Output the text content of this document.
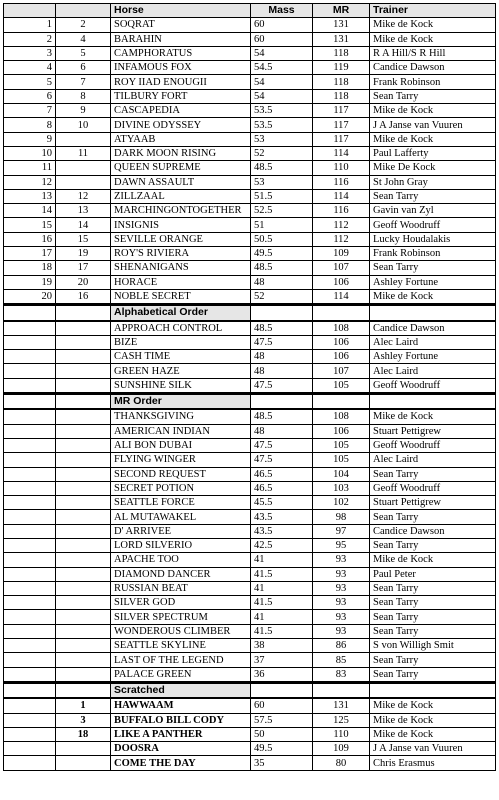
		Horse	Mass	MR	Trainer
1	2	SOQRAT	60	131	Mike de Kock
2	4	BARAHIN	60	131	Mike de Kock
3	5	CAMPHORATUS	54	118	R A Hill/S R Hill
4	6	INFAMOUS FOX	54.5	119	Candice Dawson
5	7	ROY IIAD ENOUGII	54	118	Frank Robinson
6	8	TILBURY FORT	54	118	Sean Tarry
7	9	CASCAPEDIA	53.5	117	Mike de Kock
8	10	DIVINE ODYSSEY	53.5	117	J A Janse van Vuuren
9		ATYAAB	53	117	Mike de Kock
10	11	DARK MOON RISING	52	114	Paul Lafferty
11		QUEEN SUPREME	48.5	110	Mike De Kock
12		DAWN ASSAULT	53	116	St John Gray
13	12	ZILLZAAL	51.5	114	Sean Tarry
14	13	MARCHINGONTOGETHER	52.5	116	Gavin van Zyl
15	14	INSIGNIS	51	112	Geoff Woodruff
16	15	SEVILLE ORANGE	50.5	112	Lucky Houdalakis
17	19	ROY'S RIVIERA	49.5	109	Frank Robinson
18	17	SHENANIGANS	48.5	107	Sean Tarry
19	20	HORACE	48	106	Ashley Fortune
20	16	NOBLE SECRET	52	114	Mike de Kock
		Alphabetical Order			
		APPROACH CONTROL	48.5	108	Candice Dawson
		BIZE	47.5	106	Alec Laird
		CASH TIME	48	106	Ashley Fortune
		GREEN HAZE	48	107	Alec Laird
		SUNSHINE SILK	47.5	105	Geoff Woodruff
		MR Order			
		THANKSGIVING	48.5	108	Mike de Kock
		AMERICAN INDIAN	48	106	Stuart Pettigrew
		ALI BON DUBAI	47.5	105	Geoff Woodruff
		FLYING WINGER	47.5	105	Alec Laird
		SECOND REQUEST	46.5	104	Sean Tarry
		SECRET POTION	46.5	103	Geoff Woodruff
		SEATTLE FORCE	45.5	102	Stuart Pettigrew
		AL MUTAWAKEL	43.5	98	Sean Tarry
		D' ARRIVEE	43.5	97	Candice Dawson
		LORD SILVERIO	42.5	95	Sean Tarry
		APACHE TOO	41	93	Mike de Kock
		DIAMOND DANCER	41.5	93	Paul Peter
		RUSSIAN BEAT	41	93	Sean Tarry
		SILVER GOD	41.5	93	Sean Tarry
		SILVER SPECTRUM	41	93	Sean Tarry
		WONDEROUS CLIMBER	41.5	93	Sean Tarry
		SEATTLE SKYLINE	38	86	S von Willigh Smit
		LAST OF THE LEGEND	37	85	Sean Tarry
		PALACE GREEN	36	83	Sean Tarry
		Scratched			
	1	HAWWAAM	60	131	Mike de Kock
	3	BUFFALO BILL CODY	57.5	125	Mike de Kock
	18	LIKE A PANTHER	50	110	Mike de Kock
		DOOSRA	49.5	109	J A Janse van Vuuren
		COME THE DAY	35	80	Chris Erasmus
